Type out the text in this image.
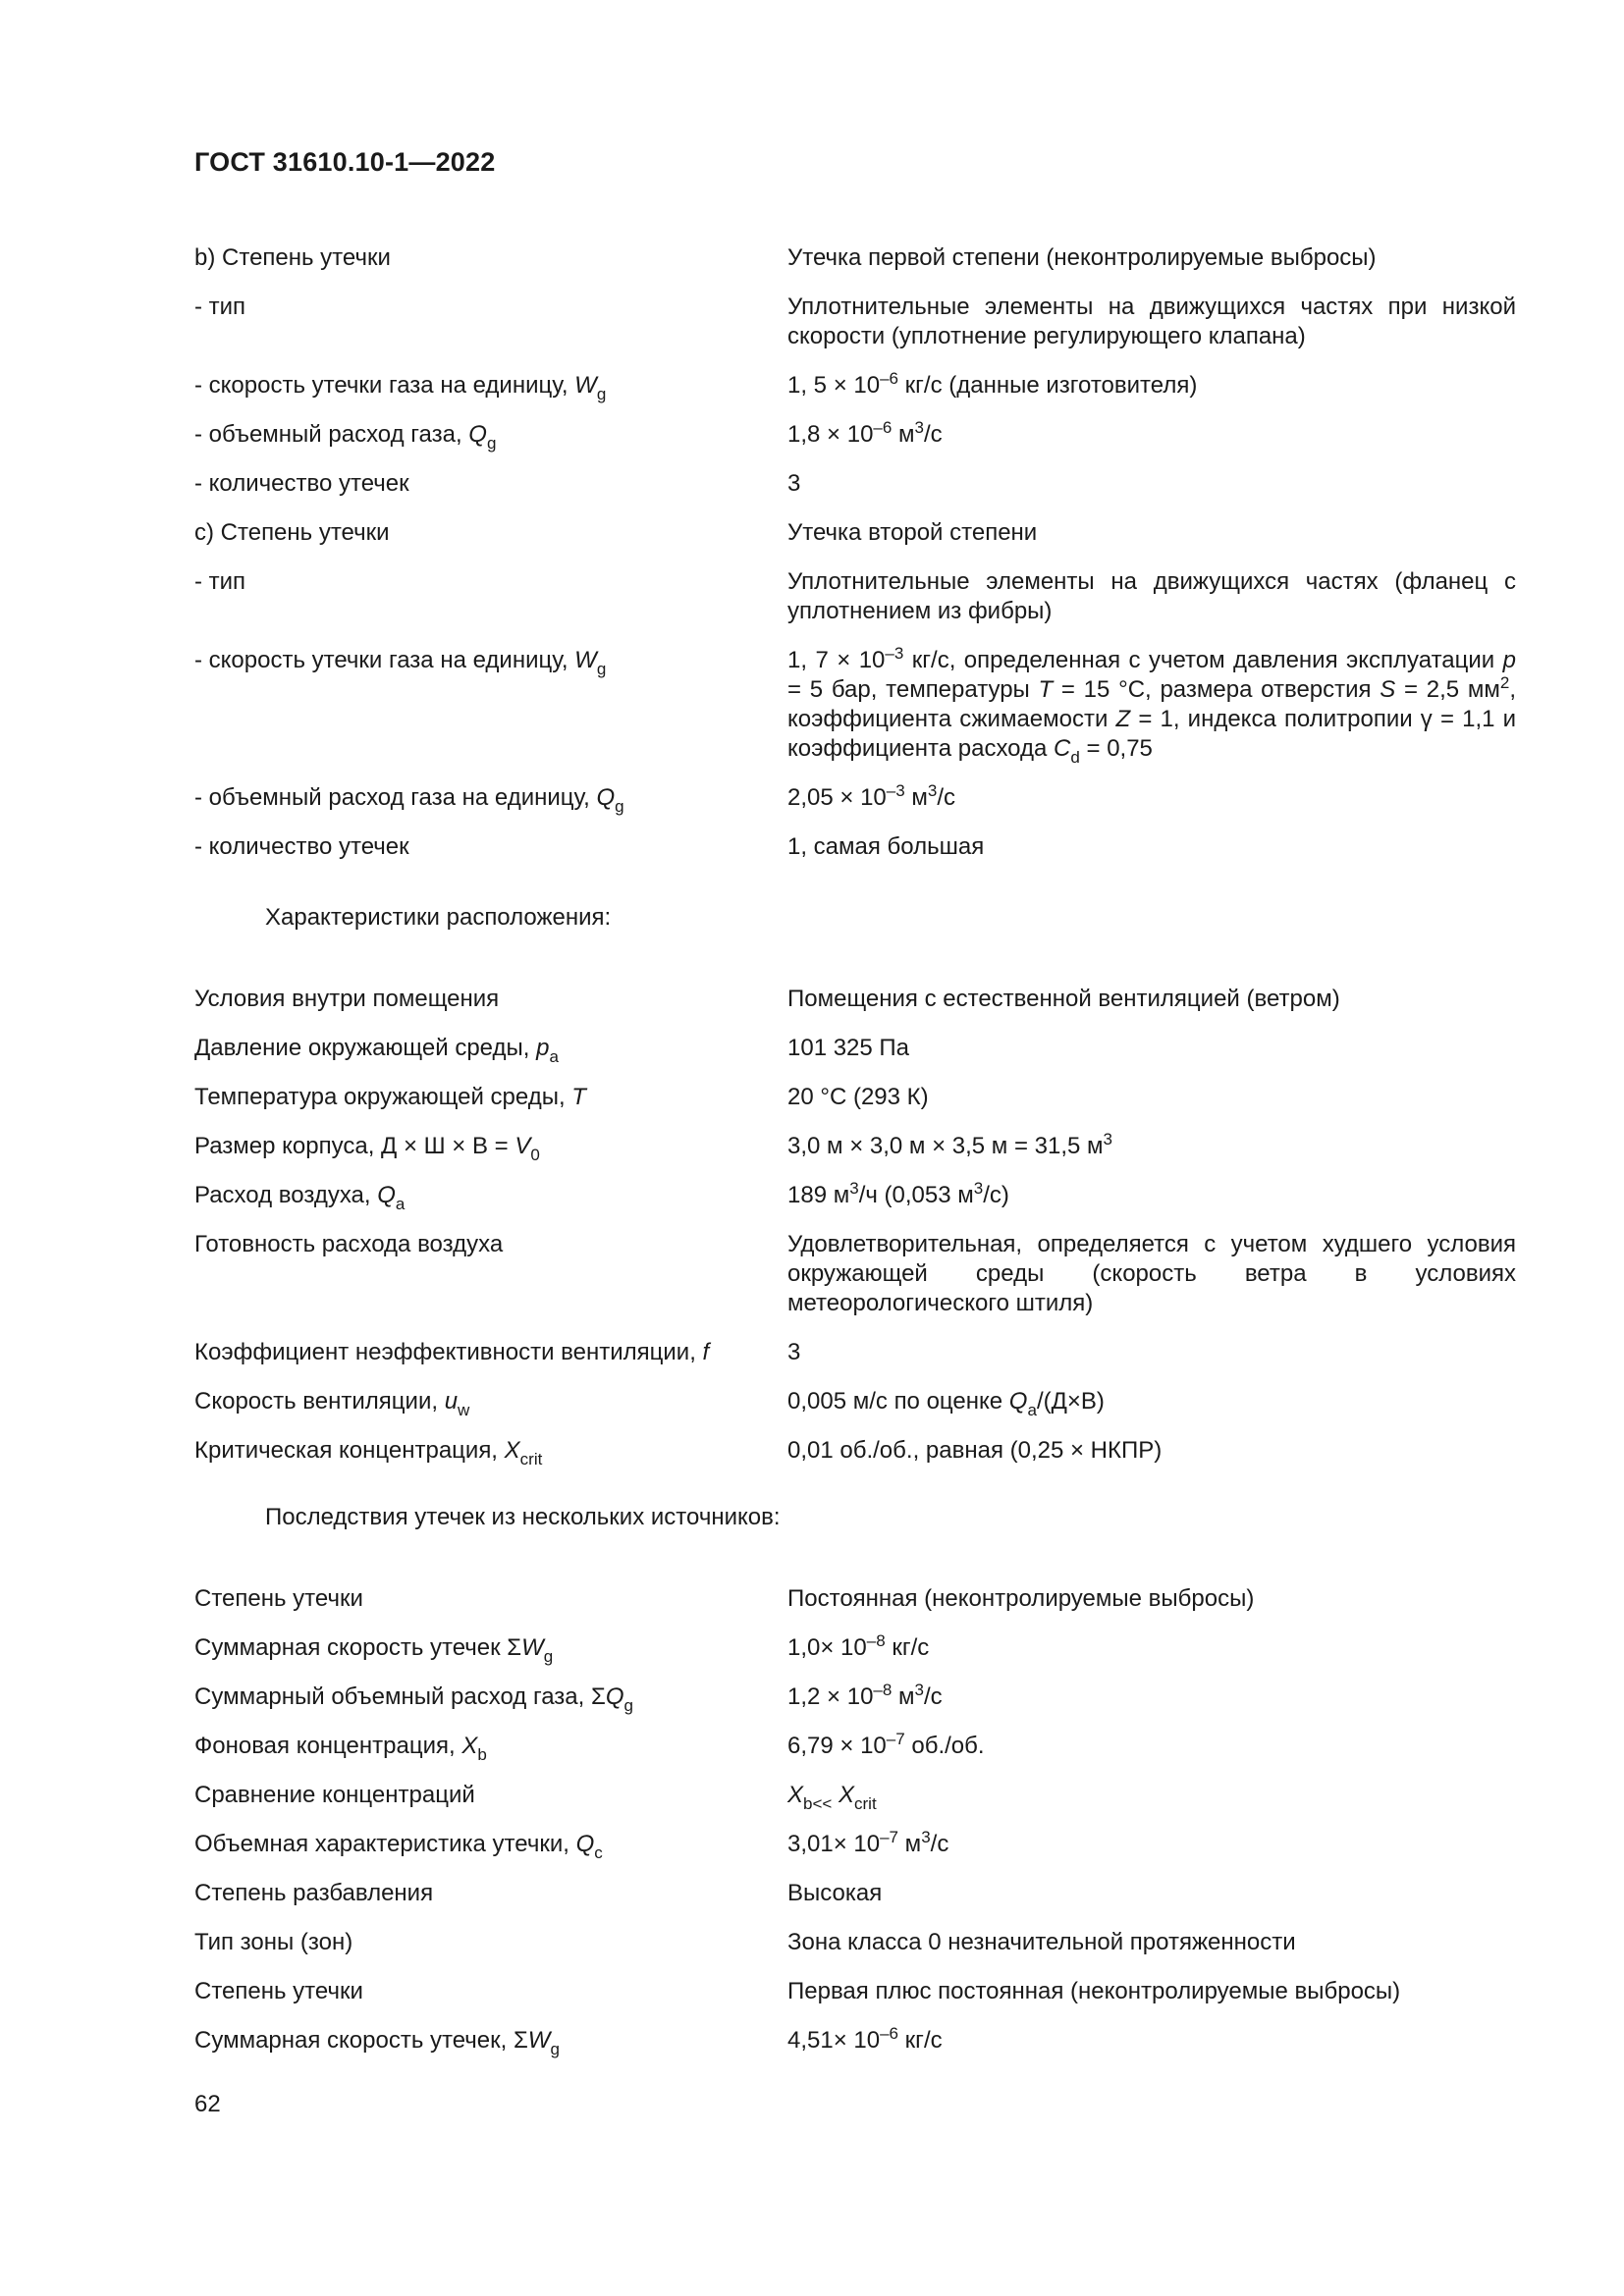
ГОСТ 31610.10-1—2022
b) Степень утечки	Утечка первой степени (неконтролируемые выбросы)
- тип	Уплотнительные элементы на движущихся частях при низкой скорости (уплотнение регулирующего клапана)
- скорость утечки газа на единицу, $W_g$	1, $5 \times 10^{-6}$ кг/с (данные изготовителя)
- объемный расход газа, $Q_g$	$1,8 \times 10^{-6}$ $м^3/с$
- количество утечек	3
c) Степень утечки	Утечка второй степени
- тип	Уплотнительные элементы на движущихся частях (фланец с уплотнением из фибры)
- скорость утечки газа на единицу, $W_g$	1, $7 \times 10^{-3}$ кг/с, определенная с учетом давления эксплуатации p = 5 бар, температуры T = 15 °C, размера отверстия S = 2,5 $мм^2$, коэффициента сжимаемости Z = 1, индекса политропии γ = 1,1 и коэффициента расхода $C_d = 0,75$
- объемный расход газа на единицу, $Q_g$	$2,05 \times 10^{-3}$ $м^3/с$
- количество утечек	1, самая большая
Характеристики расположения:
Условия внутри помещения	Помещения с естественной вентиляцией (ветром)
Давление окружающей среды, $p_a$	101 325 Па
Температура окружающей среды, T	20 °С (293 К)
Размер корпуса, $Д \times Ш \times В = V_0$	3,0 м × 3,0 м × 3,5 м = 31,5 $м^3$
Расход воздуха, $Q_a$	189 $м^3/ч$ (0,053 $м^3/с$)
Готовность расхода воздуха	Удовлетворительная, определяется с учетом худшего условия окружающей среды (скорость ветра в условиях метеорологического штиля)
Коэффициент неэффективности вентиляции, f	3
Скорость вентиляции, $u_w$	0,005 м/с по оценке $Q_a/(Д\times В)$
Критическая концентрация, $X_{crit}$	0,01 об./об., равная (0,25 × НКПР)
Последствия утечек из нескольких источников:
Степень утечки	Постоянная (неконтролируемые выбросы)
Суммарная скорость утечек $\Sigma W_g$	$1,0\times 10^{-8}$ кг/с
Суммарный объемный расход газа, $\Sigma Q_g$	$1,2 \times 10^{-8}$ $м^3/с$
Фоновая концентрация, $X_b$	$6,79 \times 10^{-7}$ об./об.
Сравнение концентраций	$X_{b<<}$ $X_{crit}$
Объемная характеристика утечки, $Q_c$	$3,01\times 10^{-7}$ $м^3/с$
Степень разбавления	Высокая
Тип зоны (зон)	Зона класса 0 незначительной протяженности
Степень утечки	Первая плюс постоянная (неконтролируемые выбросы)
Суммарная скорость утечек, $\Sigma W_g$	$4,51\times 10^{-6}$ кг/с
62
